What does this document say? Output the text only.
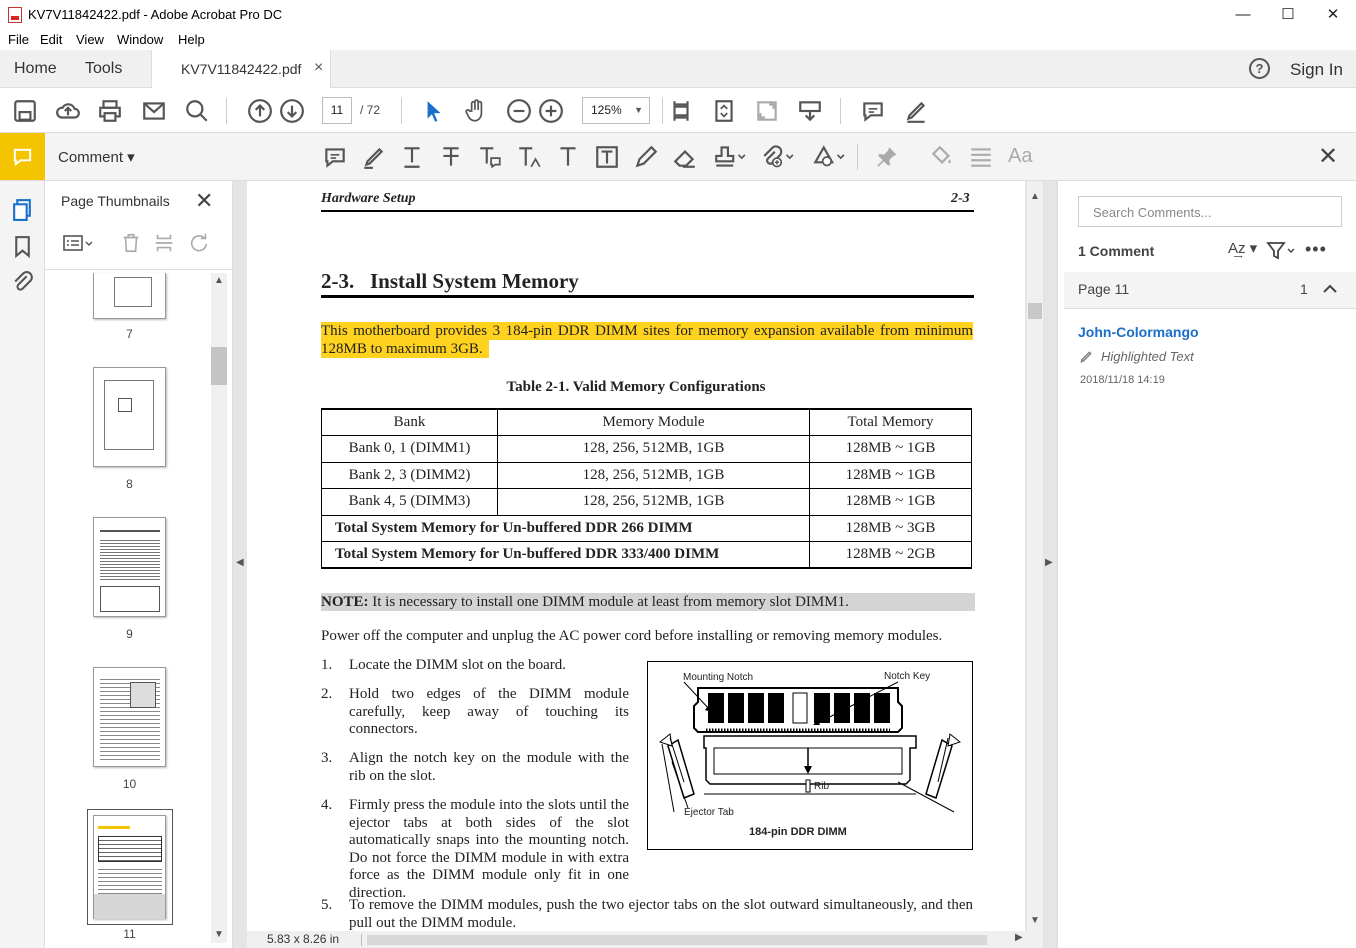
KV7V11842422.pdf - Adobe Acrobat Pro DC	—	☐	✕
File Edit View Window Help
Home Tools	KV7V11842422.pdf ×	?	Sign In
11	/ 72	125% ▼
Comment ▾	Aa	✕
Page Thumbnails ✕
▲
▼
7
8
9
10
11
◀	▶
Hardware Setup	2-3
2-3.   Install System Memory
This motherboard provides 3 184-pin DDR DIMM sites for memory expansion available from minimum 128MB to maximum 3GB.
Table 2-1. Valid Memory Configurations
Bank	Memory Module	Total Memory
Bank 0, 1 (DIMM1)	128, 256, 512MB, 1GB	128MB ~ 1GB
Bank 2, 3 (DIMM2)	128, 256, 512MB, 1GB	128MB ~ 1GB
Bank 4, 5 (DIMM3)	128, 256, 512MB, 1GB	128MB ~ 1GB
Total System Memory for Un-buffered DDR 266 DIMM		128MB ~ 3GB
Total System Memory for Un-buffered DDR 333/400 DIMM		128MB ~ 2GB
NOTE: It is necessary to install one DIMM module at least from memory slot DIMM1.
Power off the computer and unplug the AC power cord before installing or removing memory modules.
1. Locate the DIMM slot on the board.
2. Hold two edges of the DIMM module carefully, keep away of touching its connectors.
3. Align the notch key on the module with the rib on the slot.
4. Firmly press the module into the slots until the ejector tabs at both sides of the slot automatically snaps into the mounting notch. Do not force the DIMM module in with extra force as the DIMM module only fit in one direction.
5. To remove the DIMM modules, push the two ejector tabs on the slot outward simultaneously, and then pull out the DIMM module.
Mounting Notch	Notch Key
Rib
Ejector Tab
184-pin DDR DIMM
▲
▼
5.83 x 8.26 in	▶
Search Comments...
1 Comment	A͢z ▾	•••
Page 11	1
John-Colormango
Highlighted Text
2018/11/18 14:19
